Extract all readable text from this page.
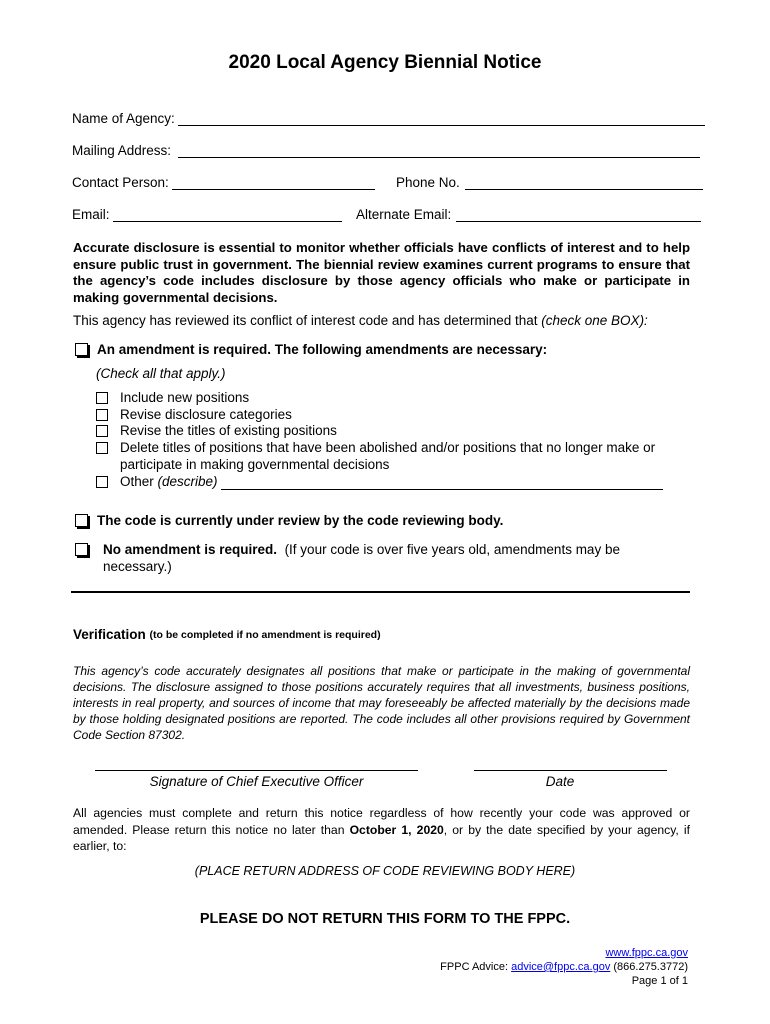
2020 Local Agency Biennial Notice
Name of Agency:
Mailing Address:
Contact Person:	Phone No.
Email:	Alternate Email:

Accurate disclosure is essential to monitor whether officials have conflicts of interest and to help ensure public trust in government. The biennial review examines current programs to ensure that the agency’s code includes disclosure by those agency officials who make or participate in making governmental decisions.

This agency has reviewed its conflict of interest code and has determined that (check one BOX):

An amendment is required. The following amendments are necessary:
(Check all that apply.)
Include new positions
Revise disclosure categories
Revise the titles of existing positions
Delete titles of positions that have been abolished and/or positions that no longer make or participate in making governmental decisions
Other
(describe)
The code is currently under review by the code reviewing body.
No amendment is required. (If your code is over five years old, amendments may be necessary.)
Verification
(to be completed if no amendment is required)

This agency’s code accurately designates all positions that make or participate in the making of governmental decisions. The disclosure assigned to those positions accurately requires that all investments, business positions, interests in real property, and sources of income that may foreseeably be affected materially by the decisions made by those holding designated positions are reported. The code includes all other provisions required by Government Code Section 87302.

Signature of Chief Executive Officer	Date

All agencies must complete and return this notice regardless of how recently your code was approved or amended. Please return this notice no later than October 1, 2020, or by the date specified by your agency, if earlier, to:

(PLACE RETURN ADDRESS OF CODE REVIEWING BODY HERE)
PLEASE DO NOT RETURN THIS FORM TO THE FPPC.
www.fppc.ca.gov
FPPC Advice: advice@fppc.ca.gov (866.275.3772)
Page 1 of 1
